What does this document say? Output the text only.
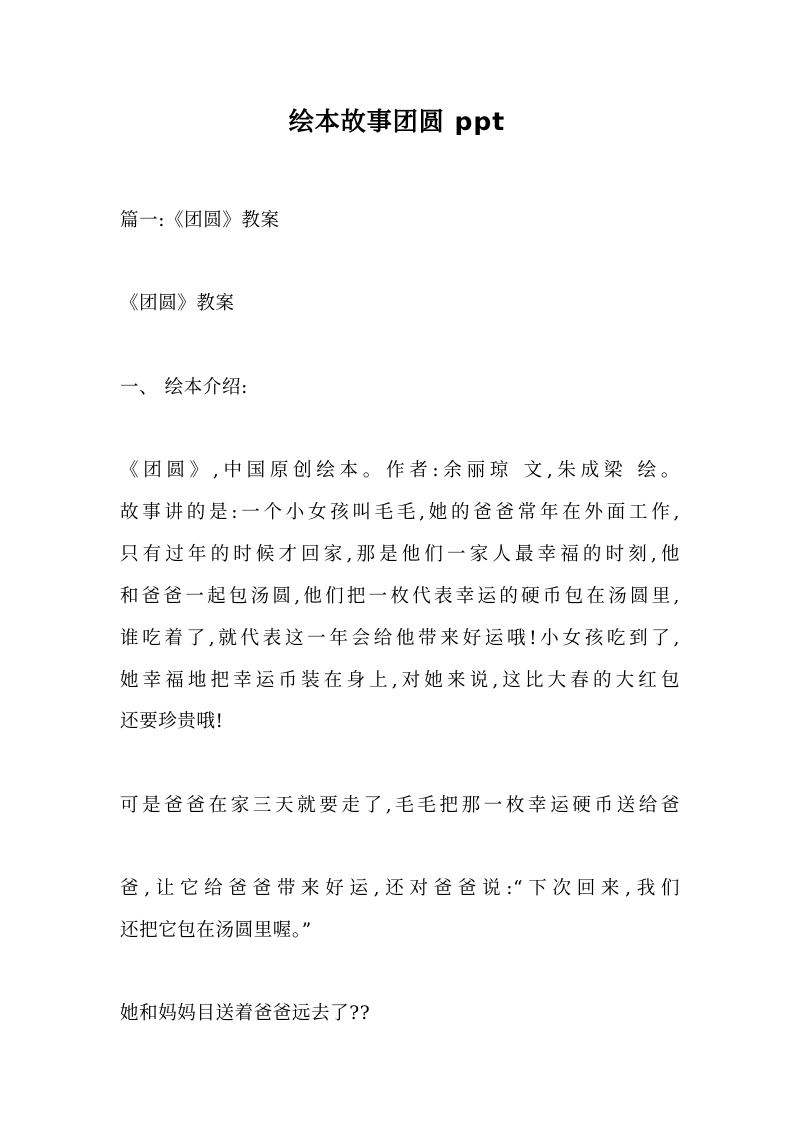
绘本故事团圆 ppt
篇一:《团圆》教案
《团圆》教案
一、 绘本介绍:
《团圆》,中国原创绘本。作者:余丽琼 文,朱成梁 绘。
故事讲的是:一个小女孩叫毛毛,她的爸爸常年在外面工作,
只有过年的时候才回家,那是他们一家人最幸福的时刻,他
和爸爸一起包汤圆,他们把一枚代表幸运的硬币包在汤圆里,
谁吃着了,就代表这一年会给他带来好运哦!小女孩吃到了,
她幸福地把幸运币装在身上,对她来说,这比大春的大红包
还要珍贵哦!
可是爸爸在家三天就要走了,毛毛把那一枚幸运硬币送给爸
爸,让它给爸爸带来好运,还对爸爸说:“下次回来,我们
还把它包在汤圆里喔。”
她和妈妈目送着爸爸远去了??
